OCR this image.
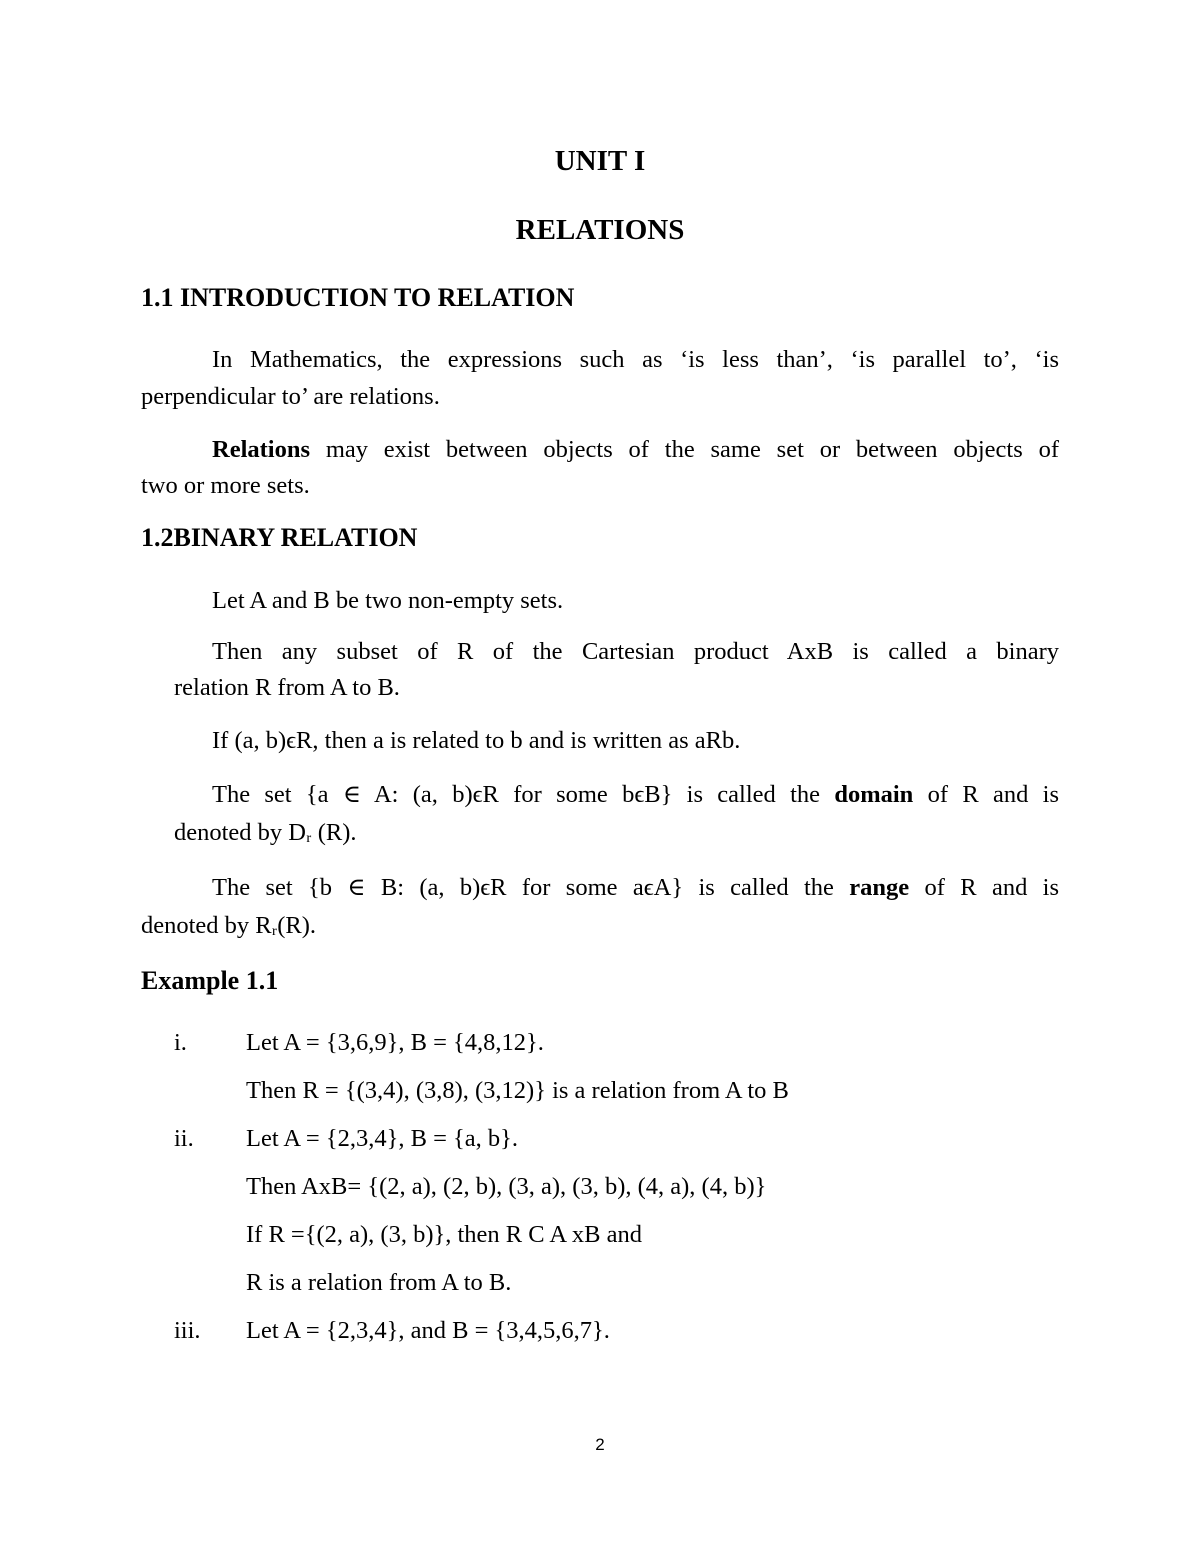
UNIT I
RELATIONS
1.1 INTRODUCTION TO RELATION
In Mathematics, the expressions such as ‘is less than’, ‘is parallel to’, ‘is
perpendicular to’ are relations.
Relations may exist between objects of the same set or between objects of
two or more sets.
1.2BINARY RELATION
Let A and B be two non-empty sets.
Then any subset of R of the Cartesian product AxB is called a binary
relation R from A to B.
If (a, b)ϵR, then a is related to b and is written as aRb.
The set {a ∈ A: (a, b)ϵR for some bϵB} is called the domain of R and is
denoted by Dᵣ (R).
The set {b ∈ B: (a, b)ϵR for some aϵA} is called the range of R and is
denoted by Rᵣ(R).
Example 1.1
i. Let A = {3,6,9}, B = {4,8,12}.
Then R = {(3,4), (3,8), (3,12)} is a relation from A to B
ii. Let A = {2,3,4}, B = {a, b}.
Then AxB= {(2, a), (2, b), (3, a), (3, b), (4, a), (4, b)}
If R ={(2, a), (3, b)}, then R C A xB and
R is a relation from A to B.
iii. Let A = {2,3,4}, and B = {3,4,5,6,7}.
2
